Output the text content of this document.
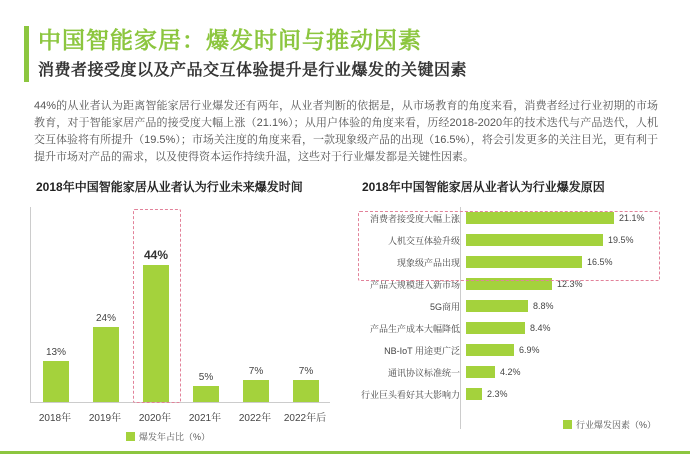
中国智能家居：爆发时间与推动因素
消费者接受度以及产品交互体验提升是行业爆发的关键因素
44%的从业者认为距离智能家居行业爆发还有两年，从业者判断的依据是，从市场教育的角度来看，消费者经过行业初期的市场教育，对于智能家居产品的接受度大幅上涨（21.1%）；从用户体验的角度来看，历经2018-2020年的技术迭代与产品迭代，人机交互体验将有所提升（19.5%）；市场关注度的角度来看，一款现象级产品的出现（16.5%），将会引发更多的关注目光，更有利于提升市场对产品的需求，以及使得资本运作持续升温，这些对于行业爆发都是关键性因素。
2018年中国智能家居从业者认为行业未来爆发时间
13%
24%
44%
5%
7%	7%
2018年	2019年	2020年	2021年	2022年	2022年后
爆发年占比（%）
2018年中国智能家居从业者认为行业爆发原因
消费者接受度大幅上涨	21.1%
人机交互体验升级	19.5%
现象级产品出现	16.5%
产品大规模进入新市场	12.3%
5G商用	8.8%
产品生产成本大幅降低	8.4%
NB-IoT 用途更广泛	6.9%
通讯协议标准统一	4.2%
行业巨头看好其大影响力	2.3%
行业爆发因素（%）
